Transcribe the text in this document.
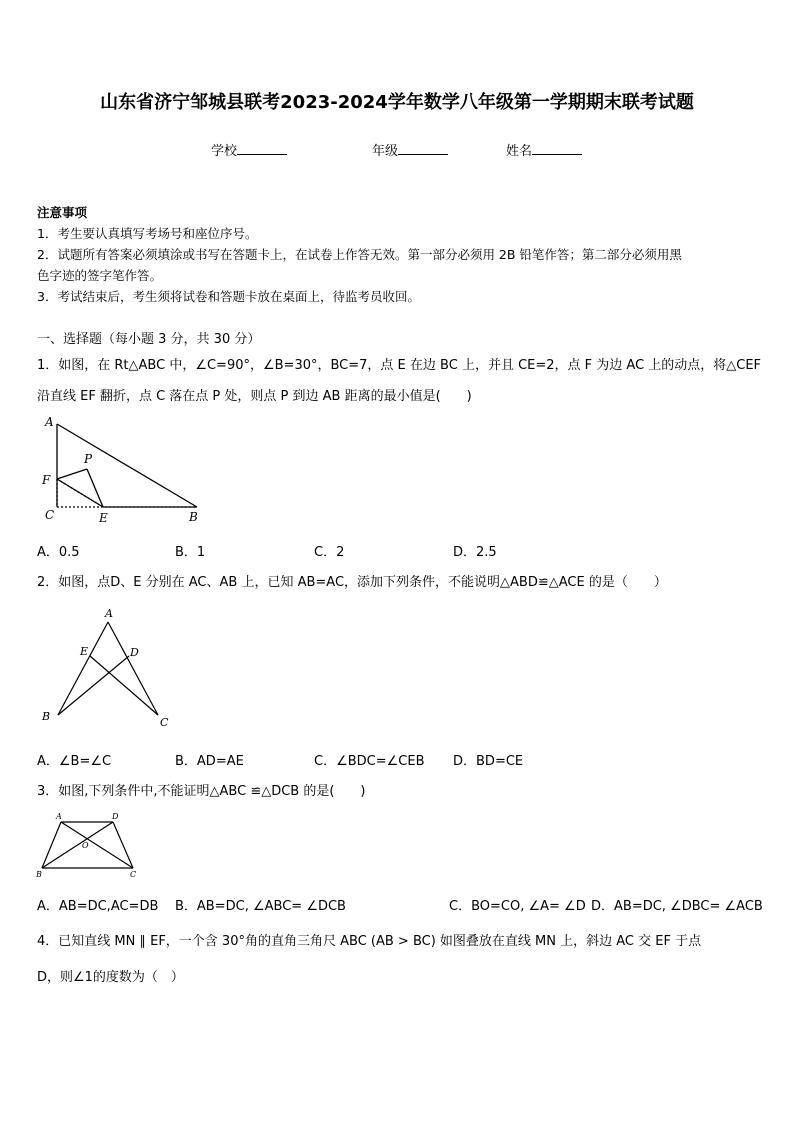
山东省济宁邹城县联考2023-2024学年数学八年级第一学期期末联考试题
学校	年级	姓名
注意事项
1．考生要认真填写考场号和座位序号。
2．试题所有答案必须填涂或书写在答题卡上，在试卷上作答无效。第一部分必须用 2B 铅笔作答；第二部分必须用黑
色字迹的签字笔作答。
3．考试结束后，考生须将试卷和答题卡放在桌面上，待监考员收回。
一、选择题（每小题 3 分，共 30 分）
1．如图，在 Rt△ABC 中，∠C=90°，∠B=30°，BC=7，点 E 在边 BC 上，并且 CE=2，点 F 为边 AC 上的动点，将△CEF
沿直线 EF 翻折，点 C 落在点 P 处，则点 P 到边 AB 距离的最小值是(　　)
A
F
P
C	E	B
A．0.5	B．1	C．2	D．2.5
2．如图，点D、E 分别在 AC、AB 上，已知 AB=AC，添加下列条件，不能说明△ABD≌△ACE 的是（　　）
A
E	D
B	C
A．∠B=∠C	B．AD=AE	C．∠BDC=∠CEB D．BD=CE
3．如图,下列条件中,不能证明△ABC ≌△DCB 的是(　　)
A	D
O
B	C
A．AB=DC,AC=DB B．AB=DC, ∠ABC= ∠DCB	C．BO=CO, ∠A= ∠D D．AB=DC, ∠DBC= ∠ACB
4．已知直线 MN ∥ EF，一个含 30°角的直角三角尺 ABC (AB > BC) 如图叠放在直线 MN 上，斜边 AC 交 EF 于点
D，则∠1的度数为（　）
